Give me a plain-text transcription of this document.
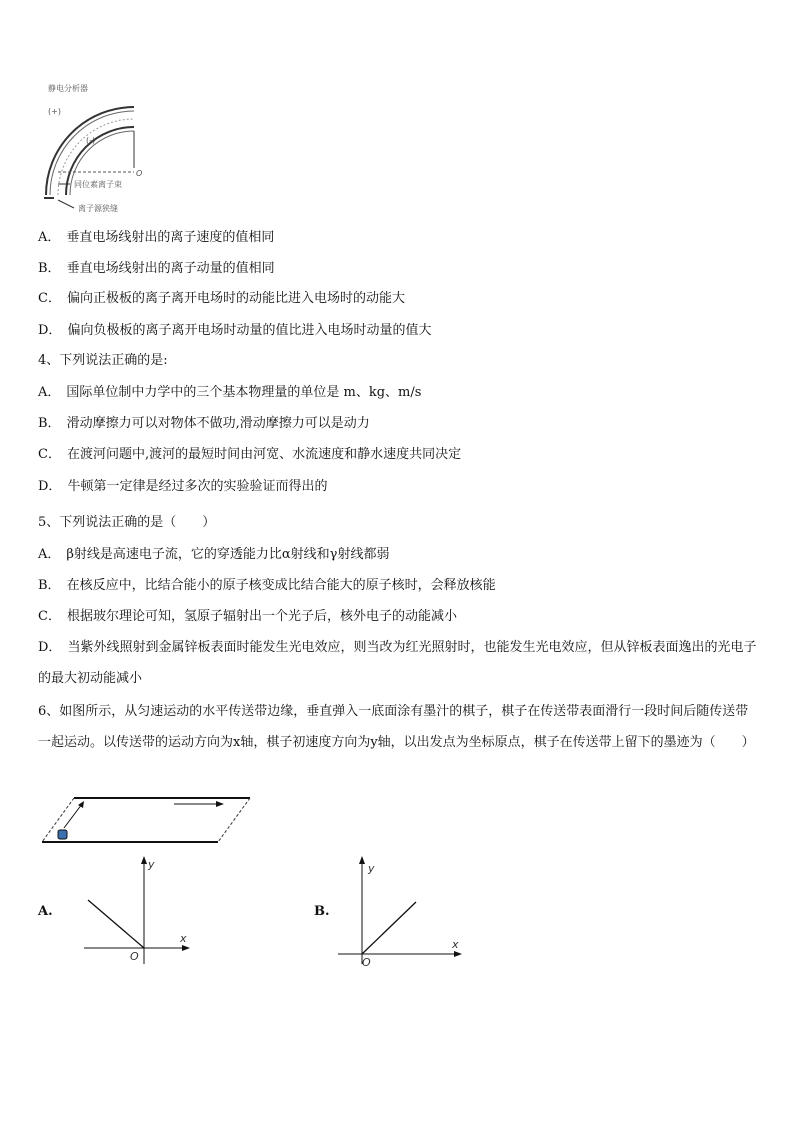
静电分析器
(+)
(-)
O
同位素离子束
离子源狭缝
A． 垂直电场线射出的离子速度的值相同
B． 垂直电场线射出的离子动量的值相同
C． 偏向正极板的离子离开电场时的动能比进入电场时的动能大
D． 偏向负极板的离子离开电场时动量的值比进入电场时动量的值大
4、下列说法正确的是:
A． 国际单位制中力学中的三个基本物理量的单位是 m、kg、m/s
B． 滑动摩擦力可以对物体不做功,滑动摩擦力可以是动力
C． 在渡河问题中,渡河的最短时间由河宽、水流速度和静水速度共同决定
D． 牛顿第一定律是经过多次的实验验证而得出的
5、下列说法正确的是（　　）
A． β射线是高速电子流，它的穿透能力比α射线和γ射线都弱
B． 在核反应中，比结合能小的原子核变成比结合能大的原子核时，会释放核能
C． 根据玻尔理论可知，氢原子辐射出一个光子后，核外电子的动能减小
D． 当紫外线照射到金属锌板表面时能发生光电效应，则当改为红光照射时，也能发生光电效应，但从锌板表面逸出的光电子的最大初动能减小
6、如图所示，从匀速运动的水平传送带边缘，垂直弹入一底面涂有墨汁的棋子，棋子在传送带表面滑行一段时间后随传送带一起运动。以传送带的运动方向为x轴，棋子初速度方向为y轴，以出发点为坐标原点，棋子在传送带上留下的墨迹为（　　）
A.
y
x
O
B.
y
x
O
